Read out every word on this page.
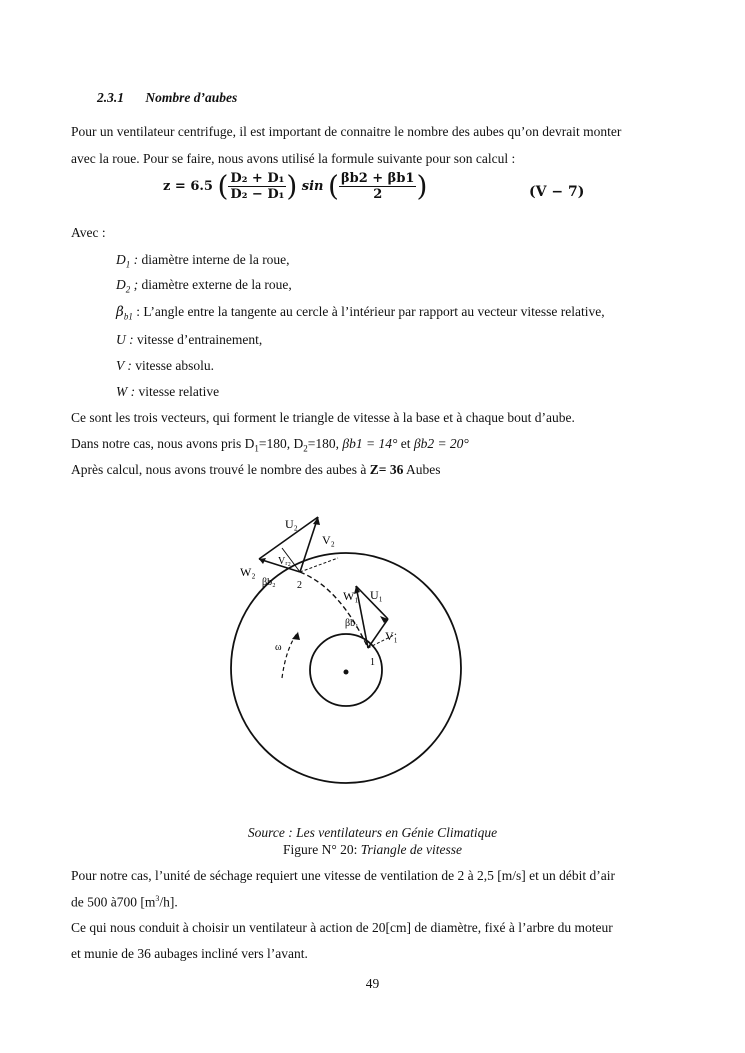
2.3.1 Nombre d’aubes
Pour un ventilateur centrifuge, il est important de connaitre le nombre des aubes qu’on devrait monter
avec la roue. Pour se faire, nous avons utilisé la formule suivante pour son calcul :
z = 6.5 ( $\frac{\text{D₂ + D₁}}{\text{D₂ − D₁}}$ ) sin ( $\frac{\beta b2 + \beta b1}{2}$ )	(V − 7)
Avec :
$D_1$ : diamètre interne de la roue,
$D_2$ ; diamètre externe de la roue,
$\beta_{b1}$ : L’angle entre la tangente au cercle à l’intérieur par rapport au vecteur vitesse relative,
U : vitesse d’entrainement,
V : vitesse absolu.
W : vitesse relative
Ce sont les trois vecteurs, qui forment le triangle de vitesse à la base et à chaque bout d’aube.
Dans notre cas, nous avons pris $D_1=180$, $D_2=180$, βb1 = 14° et βb2 = 20°
Après calcul, nous avons trouvé le nombre des aubes à Z= 36 Aubes
U₂
V₂
Vᵣ₂
W₂
βb₂ 2
W₁ U₁
βb₁
V₁
1
ω
Source : Les ventilateurs en Génie Climatique
Figure N° 20: Triangle de vitesse
Pour notre cas, l’unité de séchage requiert une vitesse de ventilation de 2 à 2,5 [m/s] et un débit d’air
de 500 à700 $[m^3/h]$.
Ce qui nous conduit à choisir un ventilateur à action de 20[cm] de diamètre, fixé à l’arbre du moteur
et munie de 36 aubages incliné vers l’avant.
49
